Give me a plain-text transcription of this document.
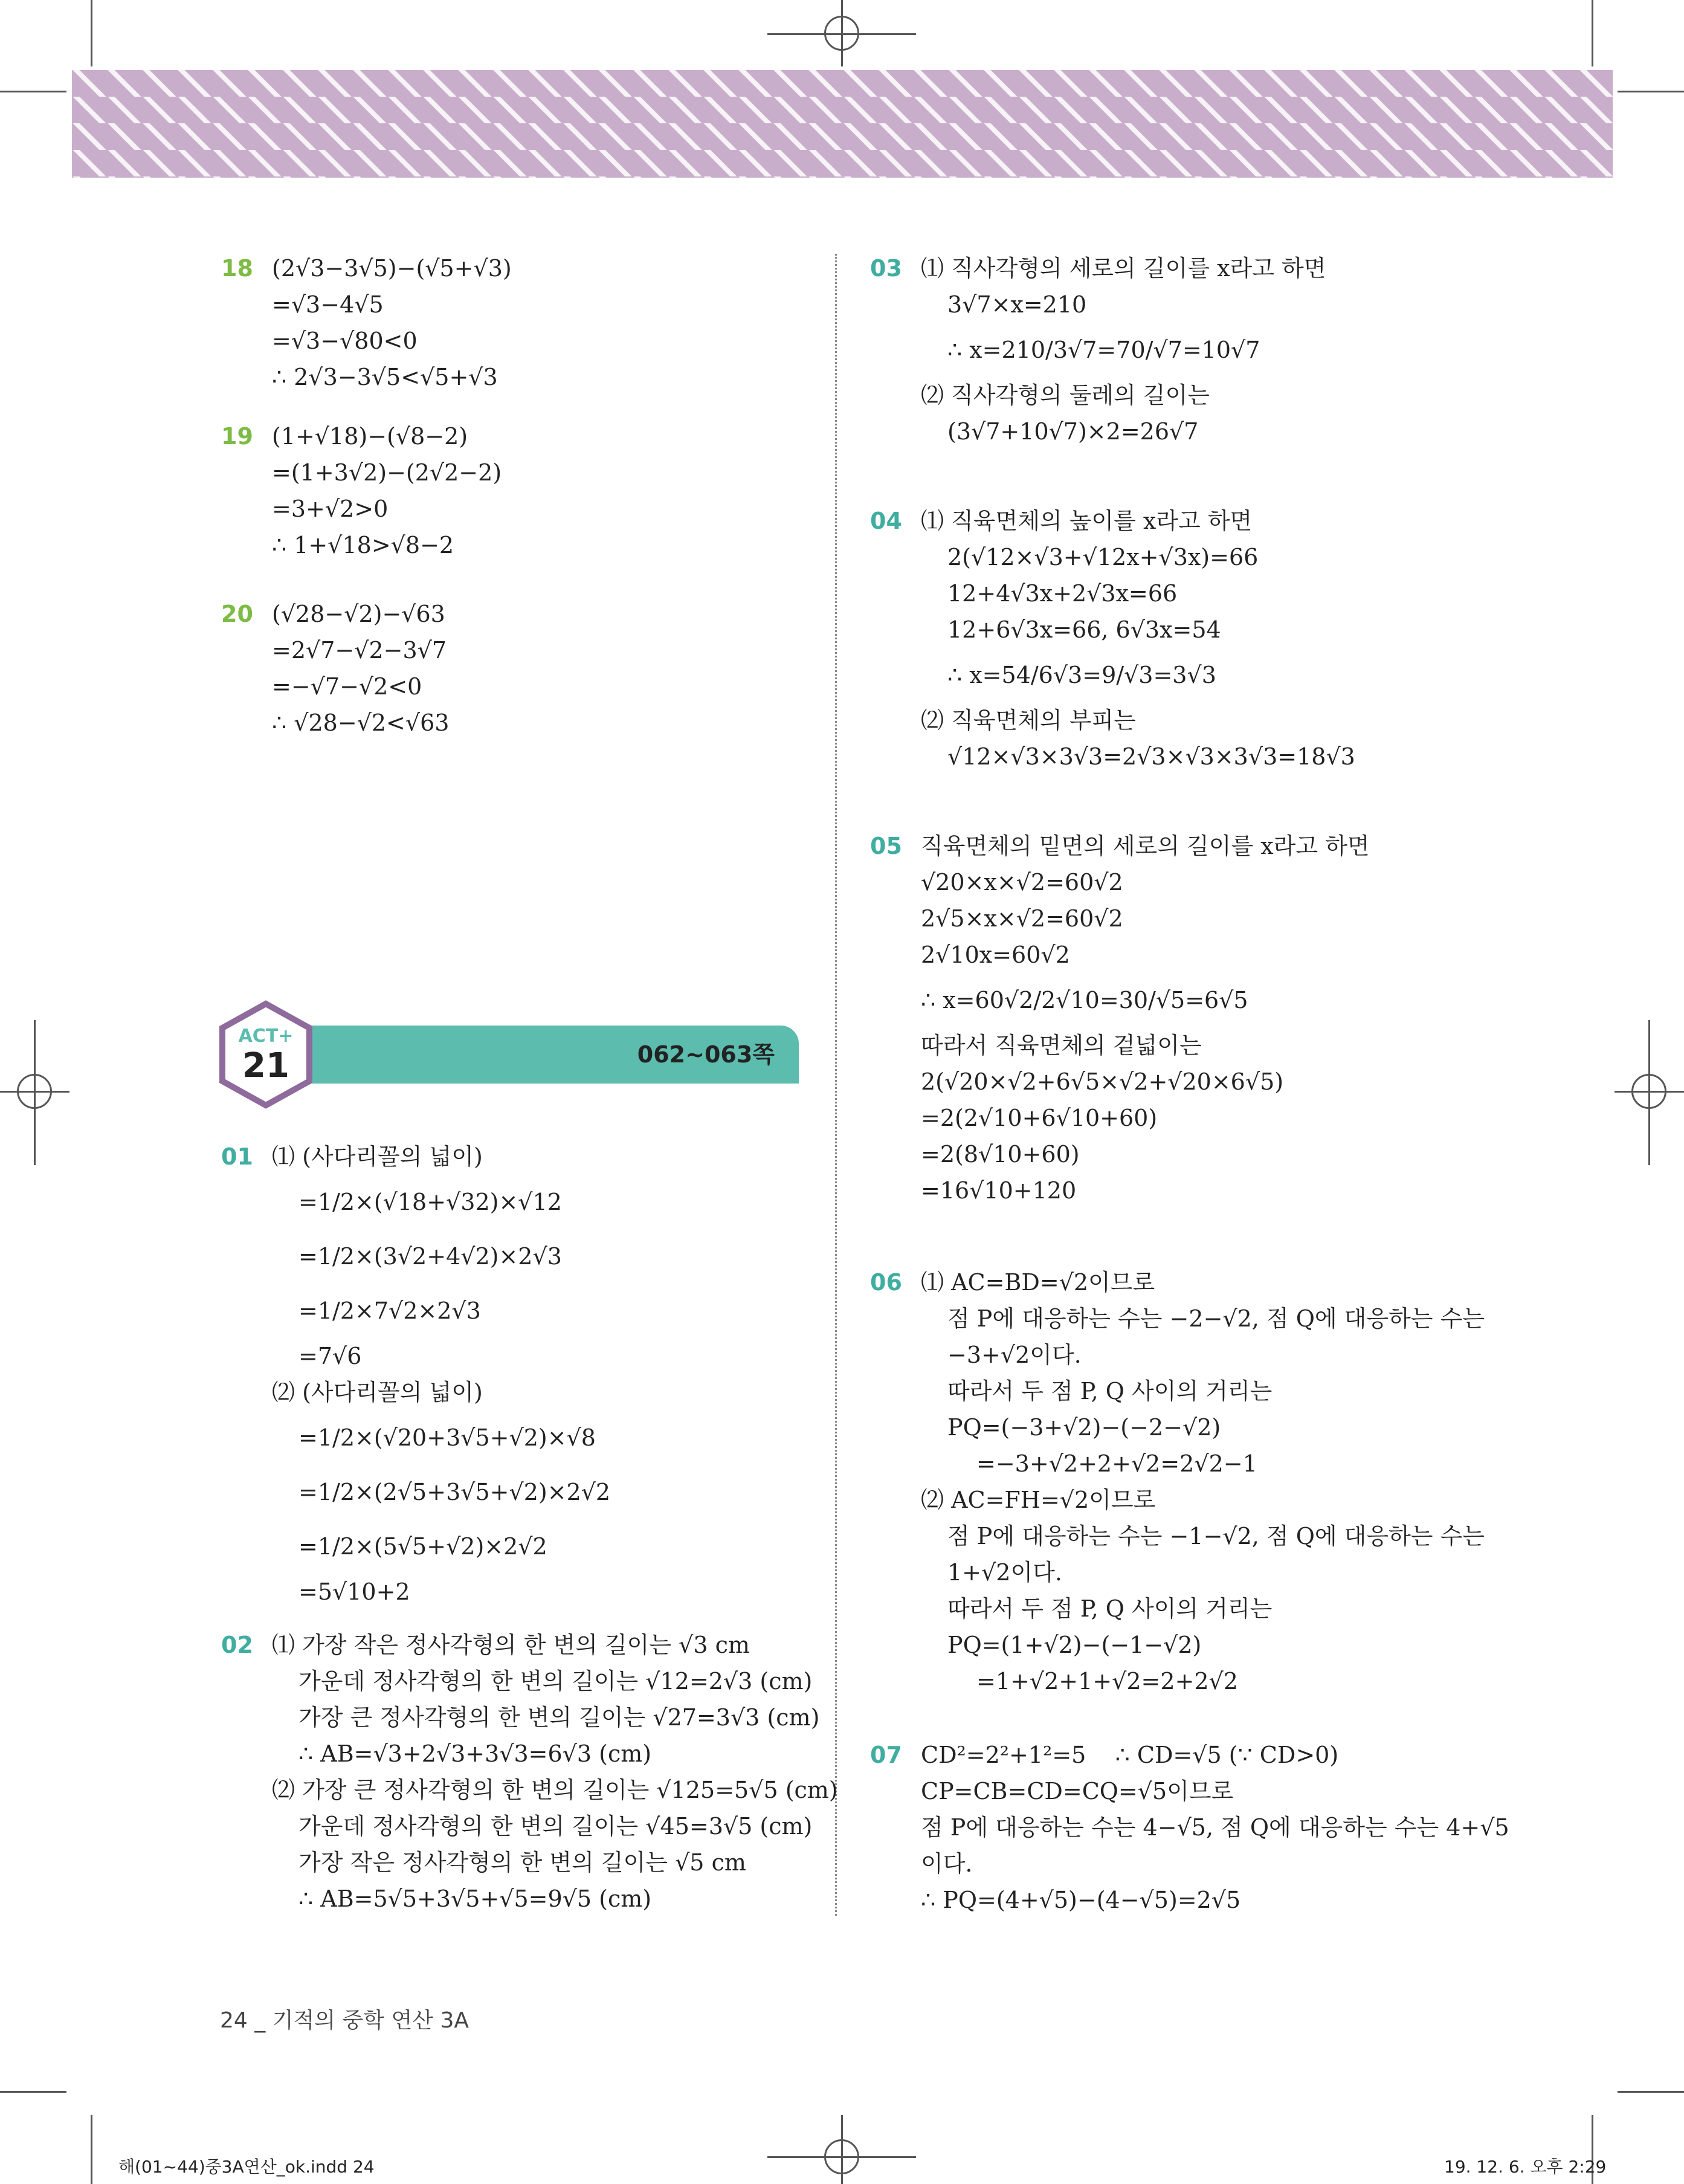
18 (2√3−3√5)−(√5+√3)
=√3−4√5
=√3−√80<0
∴ 2√3−3√5<√5+√3
19 (1+√18)−(√8−2)
=(1+3√2)−(2√2−2)
=3+√2>0
∴ 1+√18>√8−2
20 (√28−√2)−√63
=2√7−√2−3√7
=−√7−√2<0
∴ √28−√2<√63
062~063쪽
ACT+
21
01 ⑴ (사다리꼴의 넓이)
=1/2×(√18+√32)×√12
=1/2×(3√2+4√2)×2√3
=1/2×7√2×2√3
=7√6
⑵ (사다리꼴의 넓이)
=1/2×(√20+3√5+√2)×√8
=1/2×(2√5+3√5+√2)×2√2
=1/2×(5√5+√2)×2√2
=5√10+2
02 ⑴ 가장 작은 정사각형의 한 변의 길이는 √3 cm
가운데 정사각형의 한 변의 길이는 √12=2√3 (cm)
가장 큰 정사각형의 한 변의 길이는 √27=3√3 (cm)
∴ AB=√3+2√3+3√3=6√3 (cm)
⑵ 가장 큰 정사각형의 한 변의 길이는 √125=5√5 (cm)
가운데 정사각형의 한 변의 길이는 √45=3√5 (cm)
가장 작은 정사각형의 한 변의 길이는 √5 cm
∴ AB=5√5+3√5+√5=9√5 (cm)
03 ⑴ 직사각형의 세로의 길이를 x라고 하면
3√7×x=210
∴ x=210/3√7=70/√7=10√7
⑵ 직사각형의 둘레의 길이는
(3√7+10√7)×2=26√7
04 ⑴ 직육면체의 높이를 x라고 하면
2(√12×√3+√12x+√3x)=66
12+4√3x+2√3x=66
12+6√3x=66, 6√3x=54
∴ x=54/6√3=9/√3=3√3
⑵ 직육면체의 부피는
√12×√3×3√3=2√3×√3×3√3=18√3
05 직육면체의 밑면의 세로의 길이를 x라고 하면
√20×x×√2=60√2
2√5×x×√2=60√2
2√10x=60√2
∴ x=60√2/2√10=30/√5=6√5
따라서 직육면체의 겉넓이는
2(√20×√2+6√5×√2+√20×6√5)
=2(2√10+6√10+60)
=2(8√10+60)
=16√10+120
06 ⑴ AC=BD=√2이므로
점 P에 대응하는 수는 −2−√2, 점 Q에 대응하는 수는
−3+√2이다.
따라서 두 점 P, Q 사이의 거리는
PQ=(−3+√2)−(−2−√2)
=−3+√2+2+√2=2√2−1
⑵ AC=FH=√2이므로
점 P에 대응하는 수는 −1−√2, 점 Q에 대응하는 수는
1+√2이다.
따라서 두 점 P, Q 사이의 거리는
PQ=(1+√2)−(−1−√2)
=1+√2+1+√2=2+2√2
07 CD²=2²+1²=5    ∴ CD=√5 (∵ CD>0)
CP=CB=CD=CQ=√5이므로
점 P에 대응하는 수는 4−√5, 점 Q에 대응하는 수는 4+√5
이다.
∴ PQ=(4+√5)−(4−√5)=2√5
24 _ 기적의 중학 연산 3A
해(01~44)중3A연산_ok.indd 24	19. 12. 6. 오후 2:29
